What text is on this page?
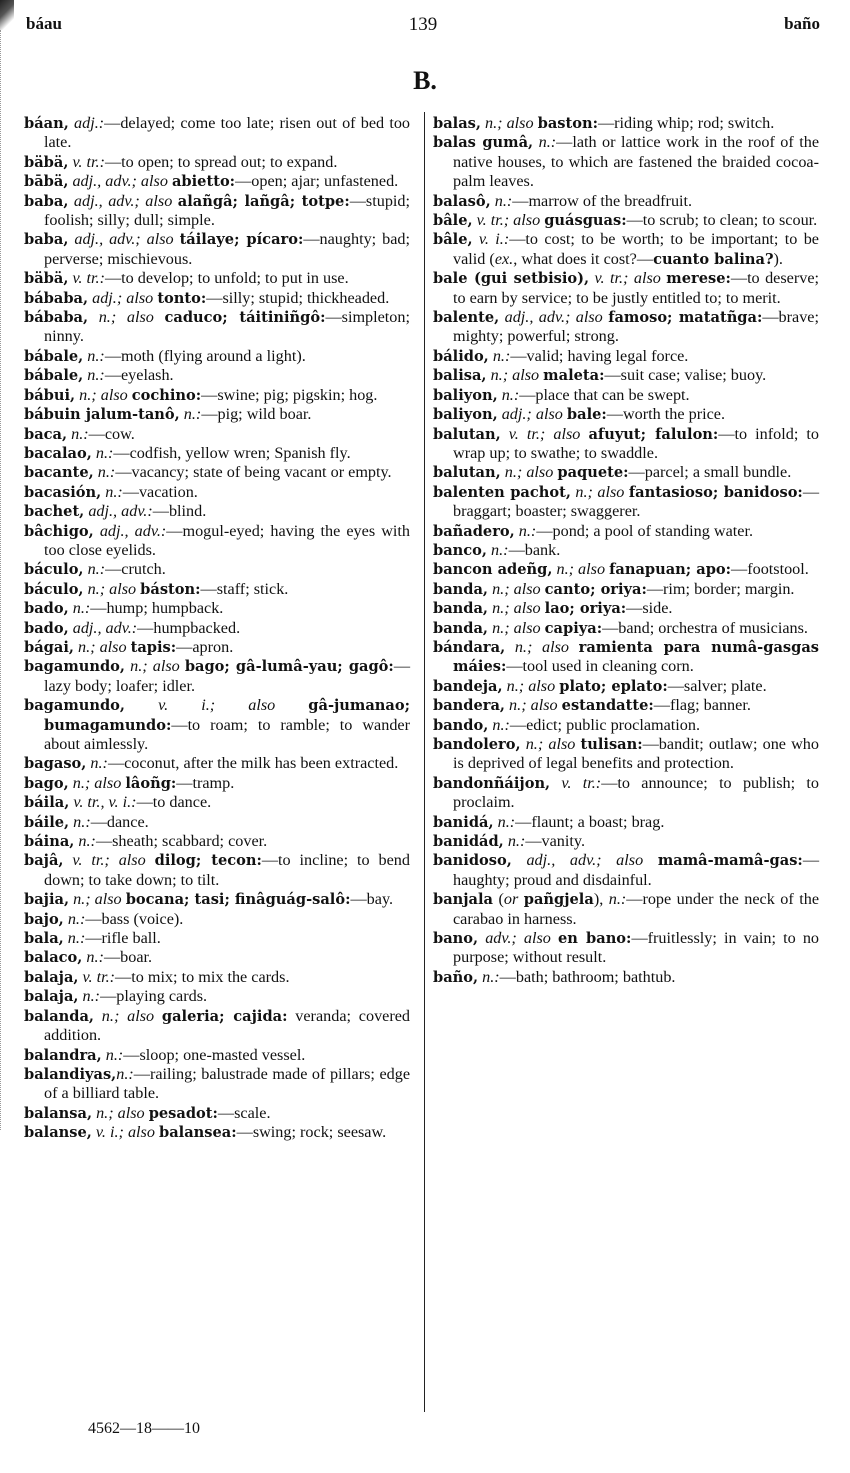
báau	139	baño
B.

báan, adj.:—delayed; come too late; risen out of bed too late.

bäbä, v. tr.:—to open; to spread out; to expand.

bābä, adj., adv.; also abietto:—open; ajar; unfastened.

baba, adj., adv.; also alañgâ; lañgâ; totpe:—stupid; foolish; silly; dull; simple.

baba, adj., adv.; also táilaye; pícaro:—naughty; bad; perverse; mischievous.

bäbä, v. tr.:—to develop; to unfold; to put in use.

bábaba, adj.; also tonto:—silly; stupid; thickheaded.

bábaba, n.; also caduco; táitiniñgô:—simpleton; ninny.

bábale, n.:—moth (flying around a light).

bábale, n.:—eyelash.

bábui, n.; also cochino:—swine; pig; pigskin; hog.

bábuin jalum-tanô, n.:—pig; wild boar.

baca, n.:—cow.

bacalao, n.:—codfish, yellow wren; Spanish fly.

bacante, n.:—vacancy; state of being vacant or empty.

bacasión, n.:—vacation.

bachet, adj., adv.:—blind.

bâchigo, adj., adv.:—mogul-eyed; having the eyes with too close eyelids.

báculo, n.:—crutch.

báculo, n.; also báston:—staff; stick.

bado, n.:—hump; humpback.

bado, adj., adv.:—humpbacked.

bágai, n.; also tapis:—apron.

bagamundo, n.; also bago; gâ-lumâ-yau; gagô:—lazy body; loafer; idler.

bagamundo, v. i.; also gâ-jumanao; bumagamundo:—to roam; to ramble; to wander about aimlessly.

bagaso, n.:—coconut, after the milk has been extracted.

bago, n.; also lâoñg:—tramp.

báila, v. tr., v. i.:—to dance.

báile, n.:—dance.

báina, n.:—sheath; scabbard; cover.

bajâ, v. tr.; also dilog; tecon:—to incline; to bend down; to take down; to tilt.

bajia, n.; also bocana; tasi; finâguág-salô:—bay.

bajo, n.:—bass (voice).

bala, n.:—rifle ball.

balaco, n.:—boar.

balaja, v. tr.:—to mix; to mix the cards.

balaja, n.:—playing cards.

balanda, n.; also galeria; cajida: veranda; covered addition.

balandra, n.:—sloop; one-masted vessel.

balandiyas,n.:—railing; balustrade made of pillars; edge of a billiard table.

balansa, n.; also pesadot:—scale.

balanse, v. i.; also balansea:—swing; rock; seesaw.

balas, n.; also baston:—riding whip; rod; switch.

balas gumâ, n.:—lath or lattice work in the roof of the native houses, to which are fastened the braided cocoa-palm leaves.

balasô, n.:—marrow of the breadfruit.

bâle, v. tr.; also guásguas:—to scrub; to clean; to scour.

bâle, v. i.:—to cost; to be worth; to be important; to be valid (ex., what does it cost?—cuanto balina?).

bale (gui setbisio), v. tr.; also merese:—to deserve; to earn by service; to be justly entitled to; to merit.

balente, adj., adv.; also famoso; matatñga:—brave; mighty; powerful; strong.

bálido, n.:—valid; having legal force.

balisa, n.; also maleta:—suit case; valise; buoy.

baliyon, n.:—place that can be swept.

baliyon, adj.; also bale:—worth the price.

balutan, v. tr.; also afuyut; falulon:—to infold; to wrap up; to swathe; to swaddle.

balutan, n.; also paquete:—parcel; a small bundle.

balenten pachot, n.; also fantasioso; banidoso:—braggart; boaster; swaggerer.

bañadero, n.:—pond; a pool of standing water.

banco, n.:—bank.

bancon adeñg, n.; also fanapuan; apo:—footstool.

banda, n.; also canto; oriya:—rim; border; margin.

banda, n.; also lao; oriya:—side.

banda, n.; also capiya:—band; orchestra of musicians.

bándara, n.; also ramienta para numâ-gasgas máies:—tool used in cleaning corn.

bandeja, n.; also plato; eplato:—salver; plate.

bandera, n.; also estandatte:—flag; banner.

bando, n.:—edict; public proclamation.

bandolero, n.; also tulisan:—bandit; outlaw; one who is deprived of legal benefits and protection.

bandonñáijon, v. tr.:—to announce; to publish; to proclaim.

banidá, n.:—flaunt; a boast; brag.

banidád, n.:—vanity.

banidoso, adj., adv.; also mamâ-mamâ-gas:—haughty; proud and disdainful.

banjala (or pañgjela), n.:—rope under the neck of the carabao in harness.

bano, adv.; also en bano:—fruitlessly; in vain; to no purpose; without result.

baño, n.:—bath; bathroom; bathtub.

4562—18——10
